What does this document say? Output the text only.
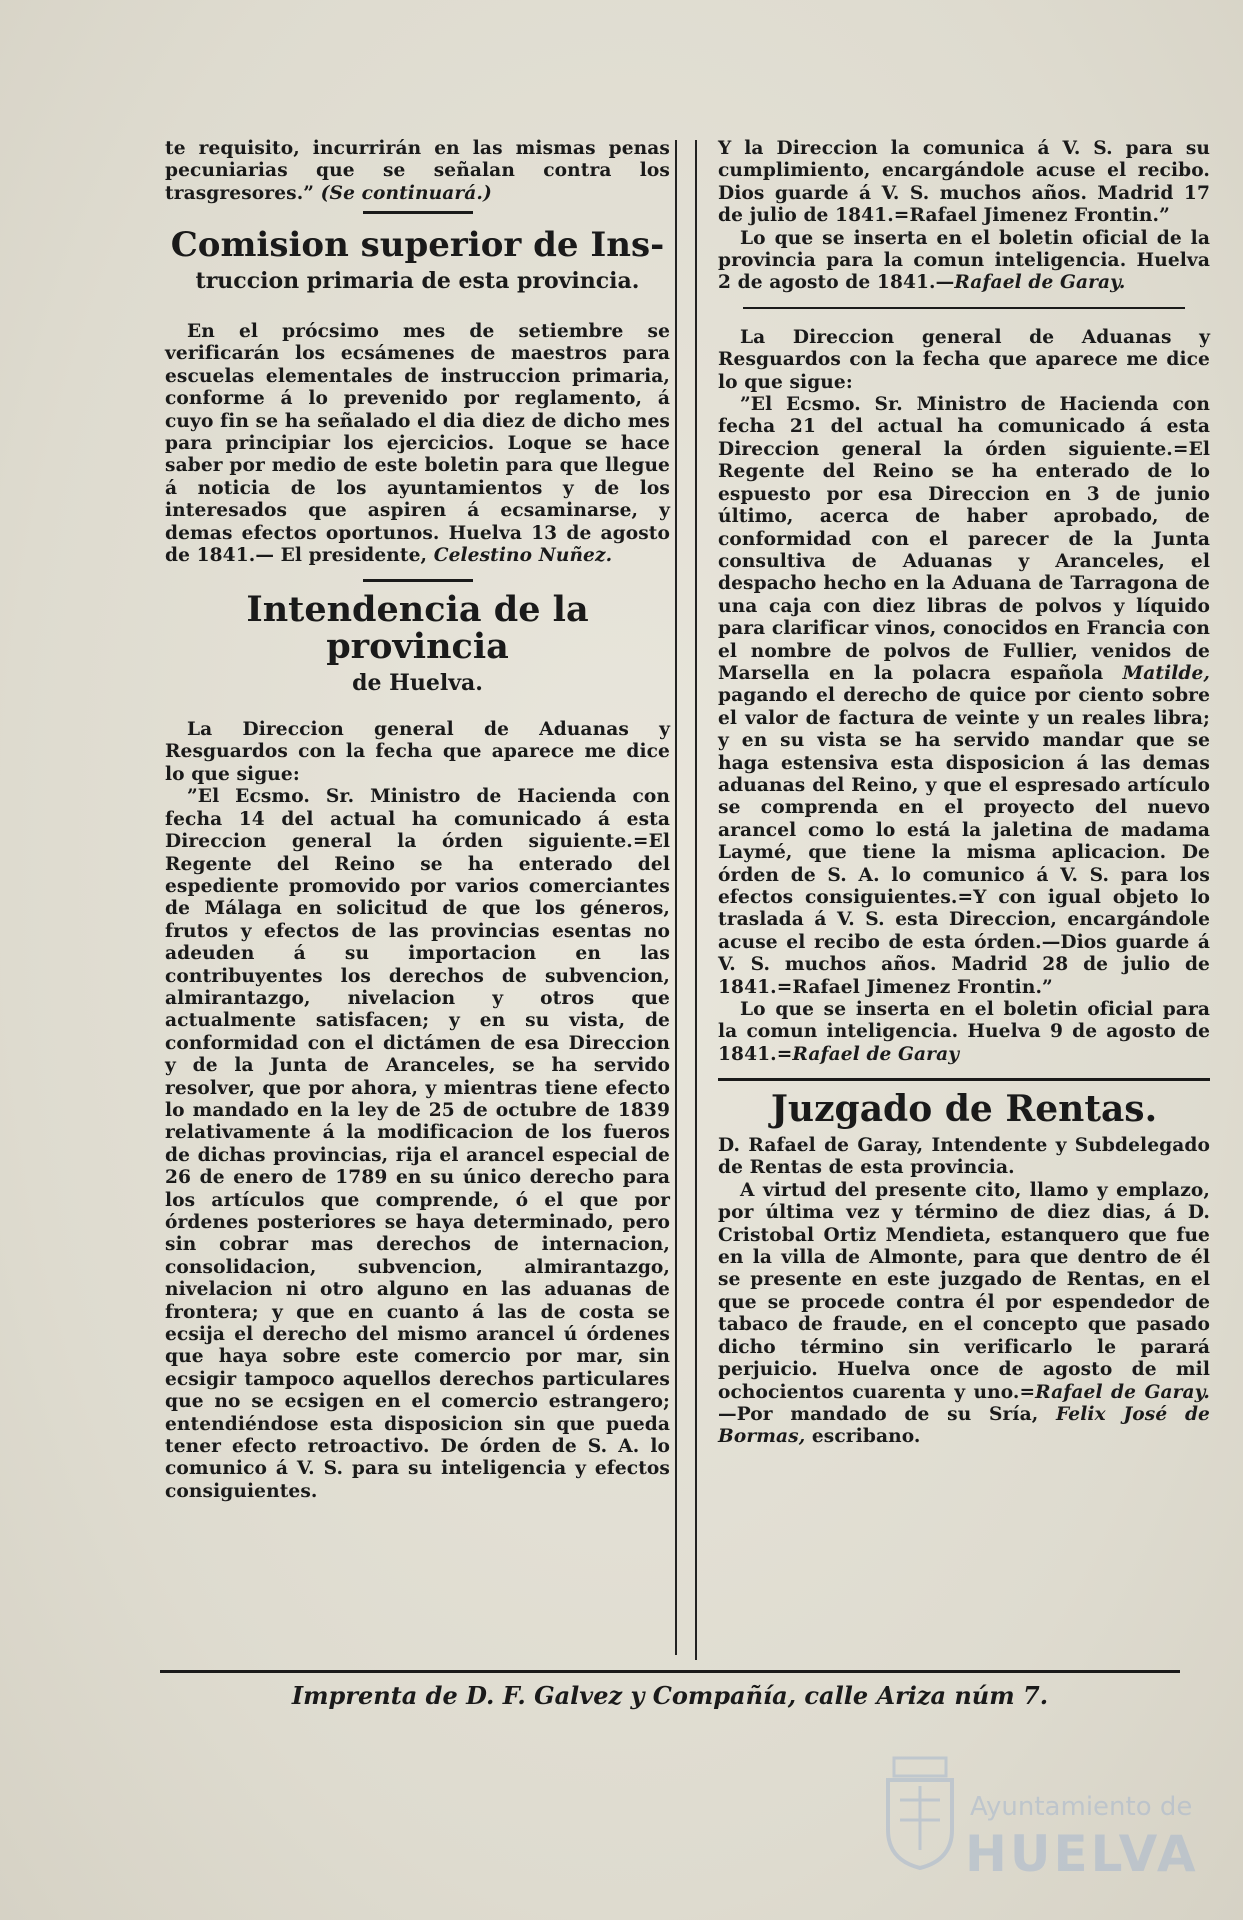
te requisito, incurrirán en las mismas penas pecuniarias que se señalan contra los trasgresores.” (Se continuará.)

Comision superior de Ins-
truccion primaria de esta provincia.

En el prócsimo mes de setiembre se verificarán los ecsámenes de maestros para escuelas elementales de instruccion primaria, conforme á lo prevenido por reglamento, á cuyo fin se ha señalado el dia diez de dicho mes para principiar los ejercicios. Loque se hace saber por medio de este boletin para que llegue á noticia de los ayuntamientos y de los interesados que aspiren á ecsaminarse, y demas efectos oportunos. Huelva 13 de agosto de 1841.— El presidente, Celestino Nuñez.

Intendencia de la provincia
de Huelva.

La Direccion general de Aduanas y Resguardos con la fecha que aparece me dice lo que sigue:

”El Ecsmo. Sr. Ministro de Hacienda con fecha 14 del actual ha comunicado á esta Direccion general la órden siguiente.=El Regente del Reino se ha enterado del espediente promovido por varios comerciantes de Málaga en solicitud de que los géneros, frutos y efectos de las provincias esentas no adeuden á su importacion en las contribuyentes los derechos de subvencion, almirantazgo, nivelacion y otros que actualmente satisfacen; y en su vista, de conformidad con el dictámen de esa Direccion y de la Junta de Aranceles, se ha servido resolver, que por ahora, y mientras tiene efecto lo mandado en la ley de 25 de octubre de 1839 relativamente á la modificacion de los fueros de dichas provincias, rija el arancel especial de 26 de enero de 1789 en su único derecho para los artículos que comprende, ó el que por órdenes posteriores se haya determinado, pero sin cobrar mas derechos de internacion, consolidacion, subvencion, almirantazgo, nivelacion ni otro alguno en las aduanas de frontera; y que en cuanto á las de costa se ecsija el derecho del mismo arancel ú órdenes que haya sobre este comercio por mar, sin ecsigir tampoco aquellos derechos particulares que no se ecsigen en el comercio estrangero; entendiéndose esta disposicion sin que pueda tener efecto retroactivo. De órden de S. A. lo comunico á V. S. para su inteligencia y efectos consiguientes.

Y la Direccion la comunica á V. S. para su cumplimiento, encargándole acuse el recibo. Dios guarde á V. S. muchos años. Madrid 17 de julio de 1841.=Rafael Jimenez Frontin.”

Lo que se inserta en el boletin oficial de la provincia para la comun inteligencia. Huelva 2 de agosto de 1841.—Rafael de Garay.

La Direccion general de Aduanas y Resguardos con la fecha que aparece me dice lo que sigue:

”El Ecsmo. Sr. Ministro de Hacienda con fecha 21 del actual ha comunicado á esta Direccion general la órden siguiente.=El Regente del Reino se ha enterado de lo espuesto por esa Direccion en 3 de junio último, acerca de haber aprobado, de conformidad con el parecer de la Junta consultiva de Aduanas y Aranceles, el despacho hecho en la Aduana de Tarragona de una caja con diez libras de polvos y líquido para clarificar vinos, conocidos en Francia con el nombre de polvos de Fullier, venidos de Marsella en la polacra española Matilde, pagando el derecho de quice por ciento sobre el valor de factura de veinte y un reales libra; y en su vista se ha servido mandar que se haga estensiva esta disposicion á las demas aduanas del Reino, y que el espresado artículo se comprenda en el proyecto del nuevo arancel como lo está la jaletina de madama Laymé, que tiene la misma aplicacion. De órden de S. A. lo comunico á V. S. para los efectos consiguientes.=Y con igual objeto lo traslada á V. S. esta Direccion, encargándole acuse el recibo de esta órden.—Dios guarde á V. S. muchos años. Madrid 28 de julio de 1841.=Rafael Jimenez Frontin.”

Lo que se inserta en el boletin oficial para la comun inteligencia. Huelva 9 de agosto de 1841.=Rafael de Garay

Juzgado de Rentas.

D. Rafael de Garay, Intendente y Subdelegado de Rentas de esta provincia.

A virtud del presente cito, llamo y emplazo, por última vez y término de diez dias, á D. Cristobal Ortiz Mendieta, estanquero que fue en la villa de Almonte, para que dentro de él se presente en este juzgado de Rentas, en el que se procede contra él por espendedor de tabaco de fraude, en el concepto que pasado dicho término sin verificarlo le parará perjuicio. Huelva once de agosto de mil ochocientos cuarenta y uno.=Rafael de Garay. —Por mandado de su Sría, Felix José de Bormas, escribano.

Imprenta de D. F. Galvez y Compañía, calle Ariza núm 7.
Ayuntamiento de
HUELVA
